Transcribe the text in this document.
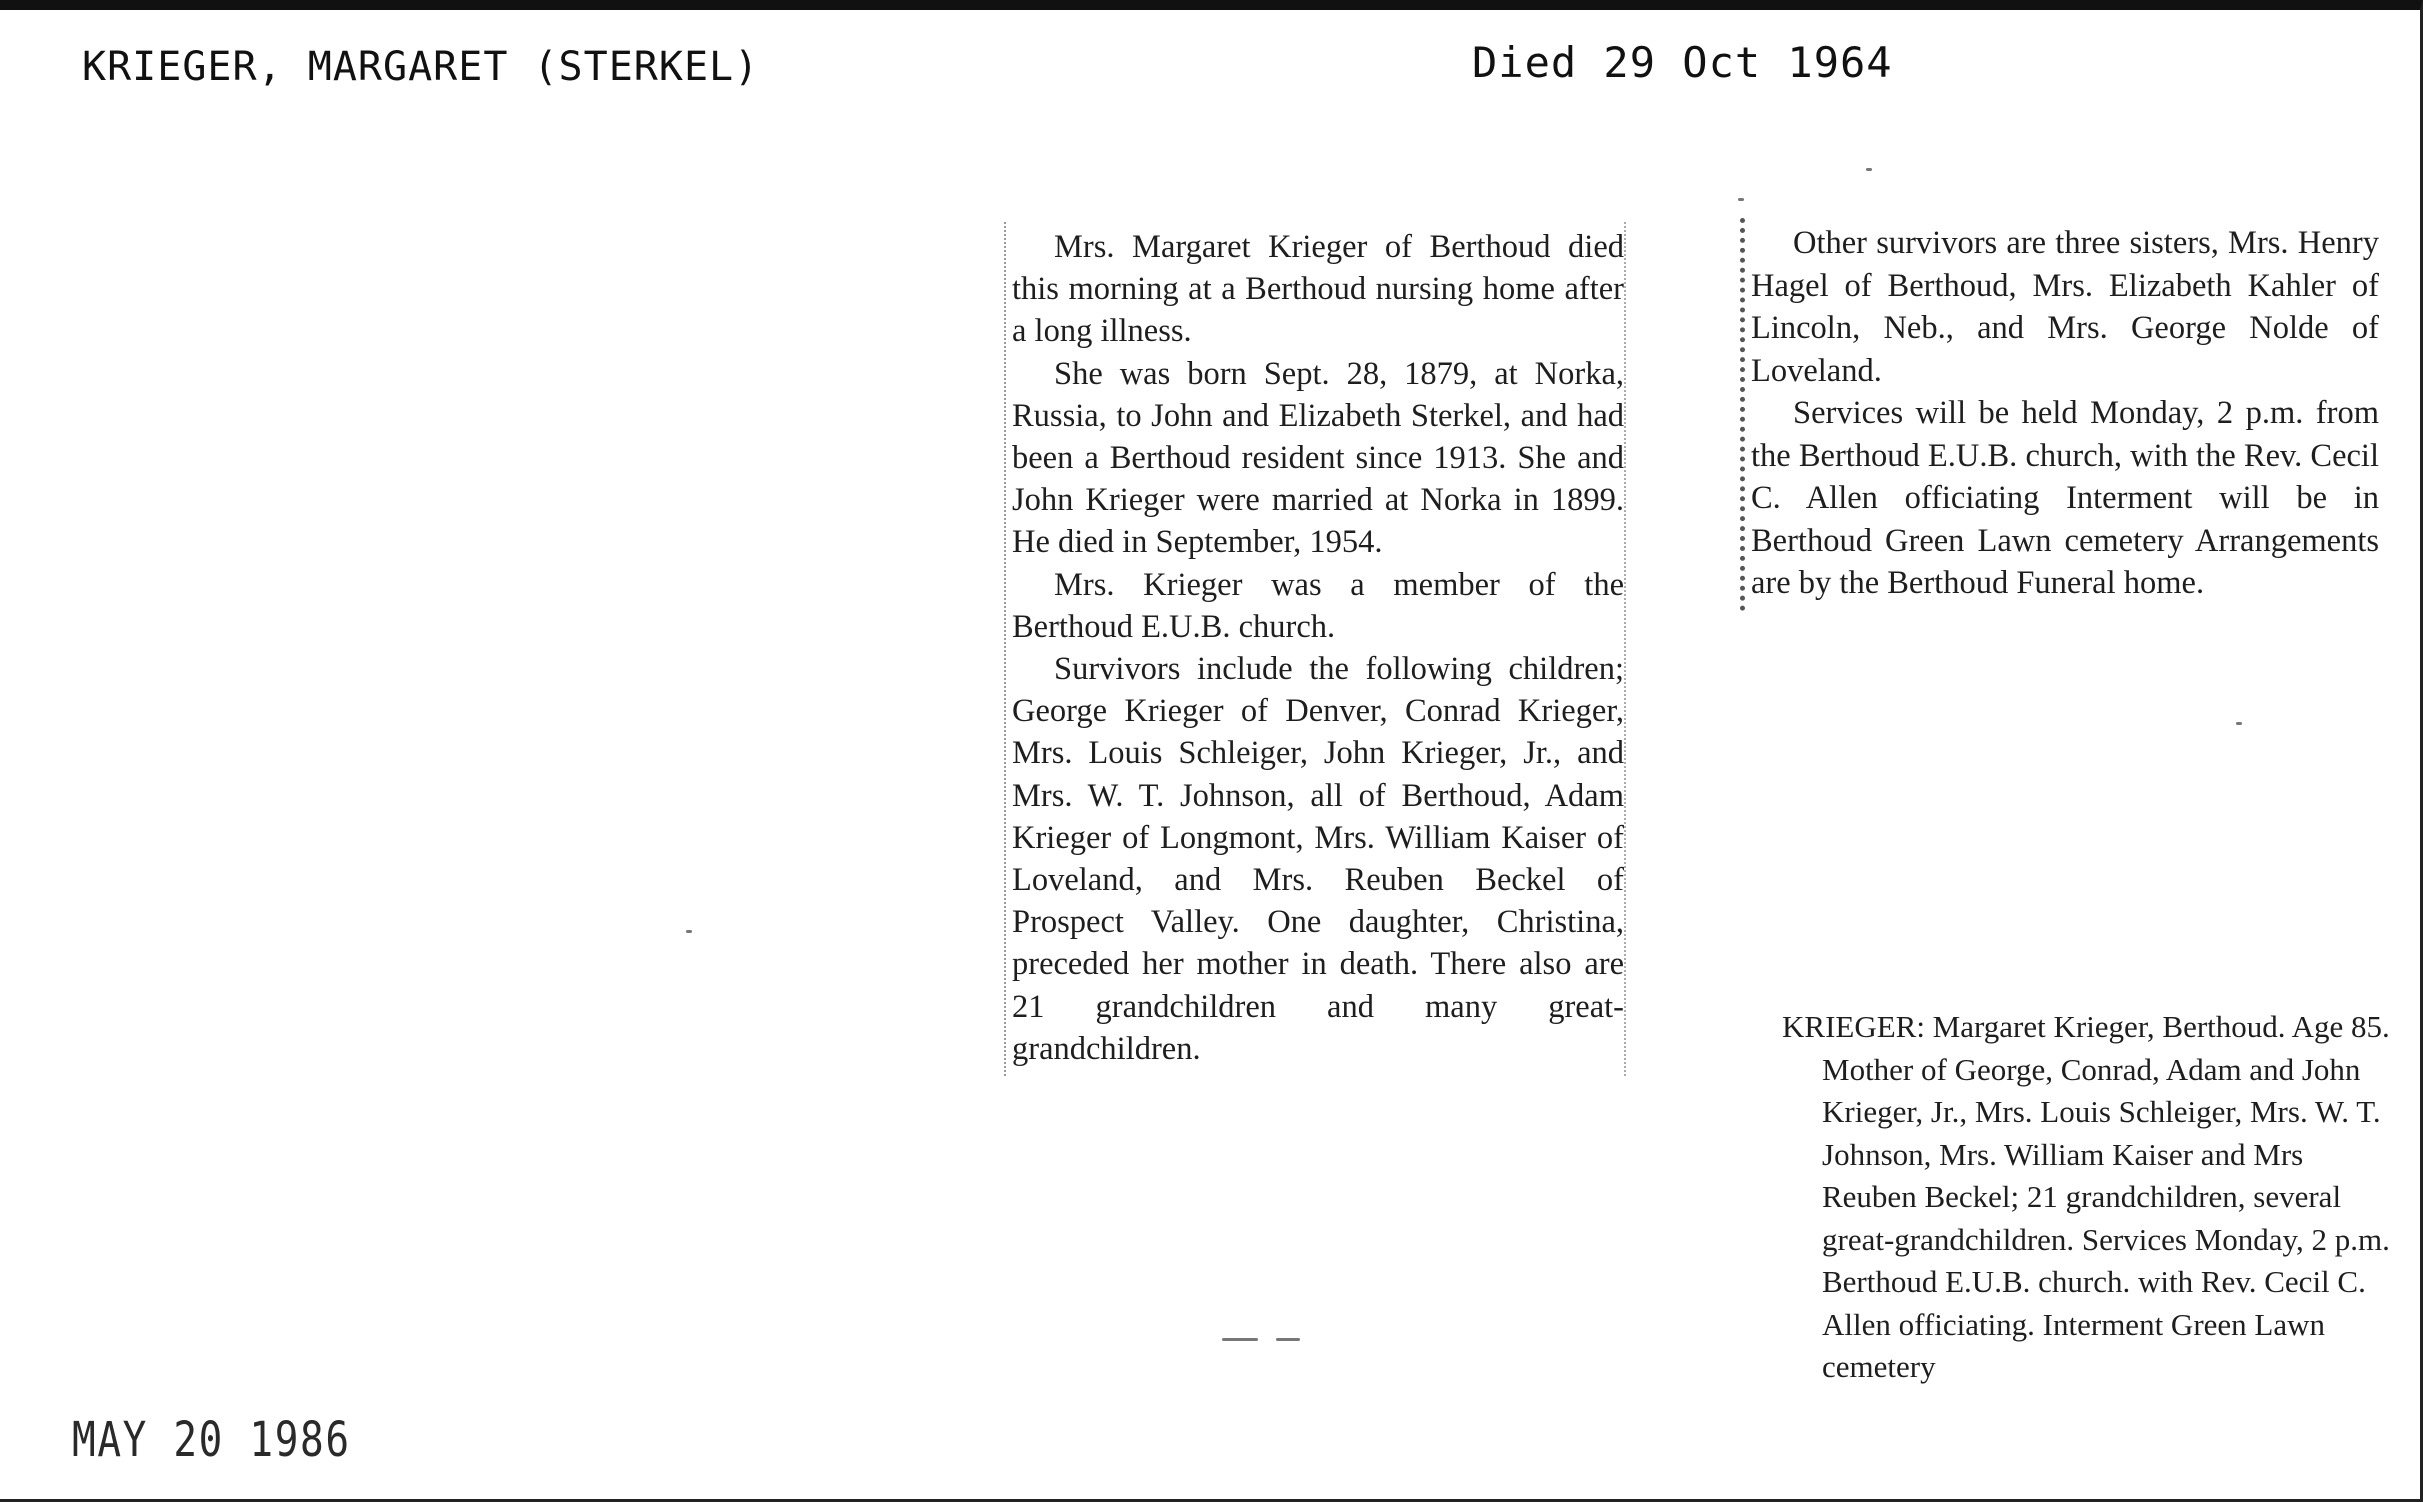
KRIEGER, MARGARET (STERKEL)	Died 29 Oct 1964

Mrs. Margaret Krieger of Berthoud died this morning at a Berthoud nursing home after a long illness.

She was born Sept. 28, 1879, at Norka, Russia, to John and Elizabeth Sterkel, and had been a Berthoud resident since 1913. She and John Krieger were married at Norka in 1899. He died in September, 1954.

Mrs. Krieger was a member of the Berthoud E.U.B. church.

Survivors include the following children; George Krieger of Denver, Conrad Krieger, Mrs. Louis Schleiger, John Krieger, Jr., and Mrs. W. T. Johnson, all of Berthoud, Adam Krieger of Longmont, Mrs. William Kaiser of Loveland, and Mrs. Reuben Beckel of Prospect Valley. One daughter, Christina, preceded her mother in death. There also are 21 grandchildren and many great-grandchildren.

Other survivors are three sisters, Mrs. Henry Hagel of Berthoud, Mrs. Elizabeth Kahler of Lincoln, Neb., and Mrs. George Nolde of Loveland.

Services will be held Monday, 2 p.m. from the Berthoud E.U.B. church, with the Rev. Cecil C. Allen officiating Interment will be in Berthoud Green Lawn cemetery Arrangements are by the Berthoud Funeral home.

KRIEGER: Margaret Krieger, Berthoud. Age 85. Mother of George, Conrad, Adam and John Krieger, Jr., Mrs. Louis Schleiger, Mrs. W. T. Johnson, Mrs. William Kaiser and Mrs Reuben Beckel; 21 grandchildren, several great-grandchildren. Services Monday, 2 p.m. Berthoud E.U.B. church. with Rev. Cecil C. Allen officiating. Interment Green Lawn cemetery

MAY 20 1986
